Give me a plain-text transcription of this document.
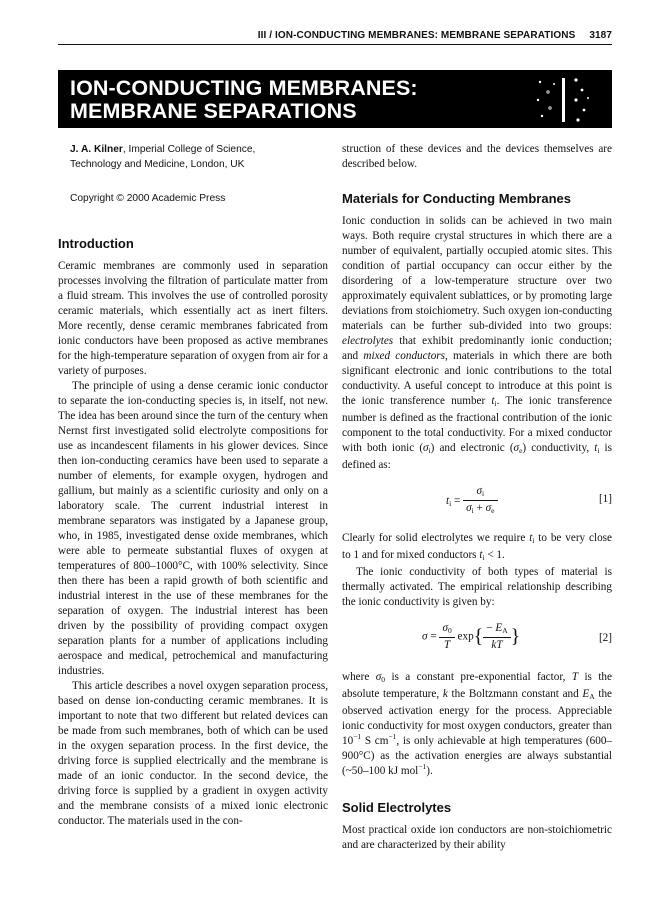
III / ION-CONDUCTING MEMBRANES: MEMBRANE SEPARATIONS 3187
ION-CONDUCTING MEMBRANES:
MEMBRANE SEPARATIONS

J. A. Kilner, Imperial College of Science,
Technology and Medicine, London, UK

Copyright © 2000 Academic Press

Introduction

Ceramic membranes are commonly used in separation processes involving the filtration of particulate matter from a fluid stream. This involves the use of controlled porosity ceramic materials, which essentially act as inert filters. More recently, dense ceramic membranes fabricated from ionic conductors have been proposed as active membranes for the high-temperature separation of oxygen from air for a variety of purposes.

The principle of using a dense ceramic ionic conductor to separate the ion-conducting species is, in itself, not new. The idea has been around since the turn of the century when Nernst first investigated solid electrolyte compositions for use as incandescent filaments in his glower devices. Since then ion-conducting ceramics have been used to separate a number of elements, for example oxygen, hydrogen and gallium, but mainly as a scientific curiosity and only on a laboratory scale. The current industrial interest in membrane separators was instigated by a Japanese group, who, in 1985, investigated dense oxide membranes, which were able to permeate substantial fluxes of oxygen at temperatures of 800–1000°C, with 100% selectivity. Since then there has been a rapid growth of both scientific and industrial interest in the use of these membranes for the separation of oxygen. The industrial interest has been driven by the possibility of providing compact oxygen separation plants for a number of applications including aerospace and medical, petrochemical and manufacturing industries.

This article describes a novel oxygen separation process, based on dense ion-conducting ceramic membranes. It is important to note that two different but related devices can be made from such membranes, both of which can be used in the oxygen separation process. In the first device, the driving force is supplied electrically and the membrane is made of an ionic conductor. In the second device, the driving force is supplied by a gradient in oxygen activity and the membrane consists of a mixed ionic electronic conductor. The materials used in the con-

struction of these devices and the devices themselves are described below.

Materials for Conducting Membranes

Ionic conduction in solids can be achieved in two main ways. Both require crystal structures in which there are a number of equivalent, partially occupied atomic sites. This condition of partial occupancy can occur either by the disordering of a low-temperature structure over two approximately equivalent sublattices, or by promoting large deviations from stoichiometry. Such oxygen ion-conducting materials can be further sub-divided into two groups: electrolytes that exhibit predominantly ionic conduction; and mixed conductors, materials in which there are both significant electronic and ionic contributions to the total conductivity. A useful concept to introduce at this point is the ionic transference number $t_i$. The ionic transference number is defined as the fractional contribution of the ionic component to the total conductivity. For a mixed conductor with both ionic $(\sigma_i)$ and electronic $(\sigma_e)$ conductivity, $t_i$ is defined as:

$t_i = \frac{\sigma_i}{\sigma_i + \sigma_e}$	[1]

Clearly for solid electrolytes we require $t_i$ to be very close to 1 and for mixed conductors $t_i < 1$.

The ionic conductivity of both types of material is thermally activated. The empirical relationship describing the ionic conductivity is given by:

$\sigma = \frac{\sigma_0}{T} \exp\{ \frac{- E_A}{kT}$ }	[2]

where $\sigma_0$ is a constant pre-exponential factor, T is the absolute temperature, k the Boltzmann constant and $E_A$ the observed activation energy for the process. Appreciable ionic conductivity for most oxygen conductors, greater than $10^{-1}$ S $cm^{-1}$, is only achievable at high temperatures (600–900°C) as the activation energies are always substantial (~50–100 kJ mol$^{-1}$).

Solid Electrolytes

Most practical oxide ion conductors are non-stoichiometric and are characterized by their ability
